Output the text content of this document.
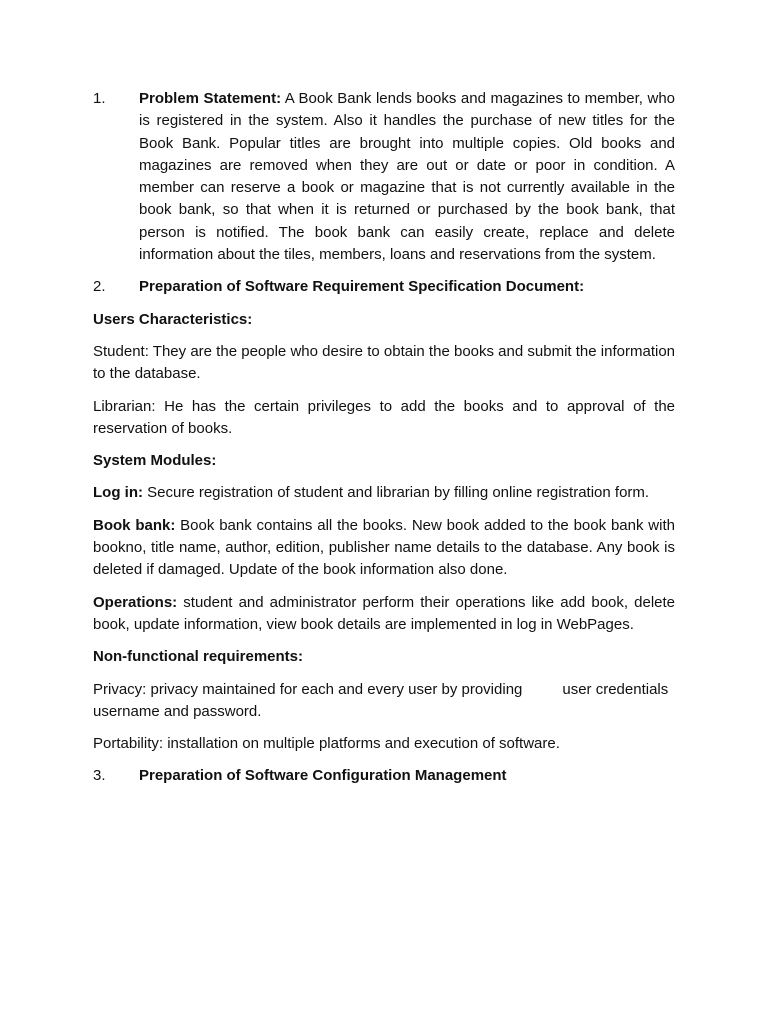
1.	Problem Statement: A Book Bank lends books and magazines to member, who is registered in the system. Also it handles the purchase of new titles for the Book Bank. Popular titles are brought into multiple copies. Old books and magazines are removed when they are out or date or poor in condition. A member can reserve a book or magazine that is not currently available in the book bank, so that when it is returned or purchased by the book bank, that person is notified. The book bank can easily create, replace and delete information about the tiles, members, loans and reservations from the system.
2.	Preparation of Software Requirement Specification Document:
Users Characteristics:

Student: They are the people who desire to obtain the books and submit the information to the database.

Librarian: He has the certain privileges to add the books and to approval of the reservation of books.

System Modules:

Log in: Secure registration of student and librarian by filling online registration form.

Book bank: Book bank contains all the books. New book added to the book bank with bookno, title name, author, edition, publisher name details to the database. Any book is deleted if damaged. Update of the book information also done.

Operations: student and administrator perform their operations like add book, delete book, update information, view book details are implemented in log in WebPages.

Non-functional requirements:

Privacy: privacy maintained for each and every user by providing	user credentials username and password.

Portability: installation on multiple platforms and execution of software.

3.	Preparation of Software Configuration Management
